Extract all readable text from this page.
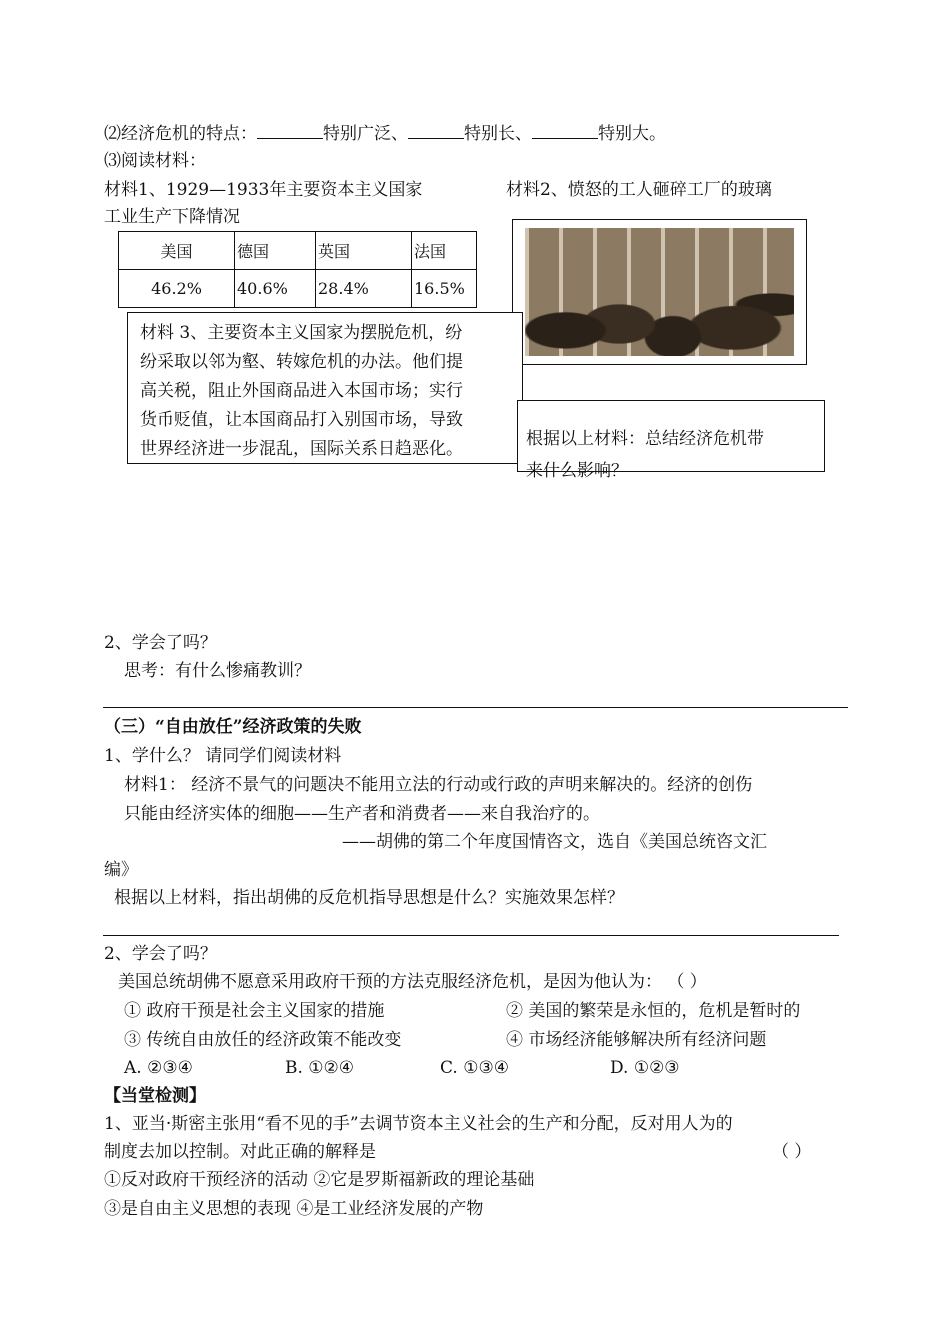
⑵经济危机的特点：	特别广泛、	特别长、	特别大。
⑶阅读材料：
材料1、1929—1933年主要资本主义国家
工业生产下降情况
材料2、愤怒的工人砸碎工厂的玻璃
美国	德国	英国	法国
46.2%	40.6%	28.4%	16.5%
材料 3、主要资本主义国家为摆脱危机，纷
纷采取以邻为壑、转嫁危机的办法。他们提
高关税，阻止外国商品进入本国市场；实行
货币贬值，让本国商品打入别国市场，导致
世界经济进一步混乱，国际关系日趋恶化。	根据以上材料：总结经济危机带
来什么影响？
2、学会了吗？
思考：有什么惨痛教训？
（三）“自由放任”经济政策的失败
1、学什么？ 请同学们阅读材料
材料1： 经济不景气的问题决不能用立法的行动或行政的声明来解决的。经济的创伤
只能由经济实体的细胞——生产者和消费者——来自我治疗的。
——胡佛的第二个年度国情咨文，选自《美国总统咨文汇
编》
根据以上材料，指出胡佛的反危机指导思想是什么？实施效果怎样？
2、学会了吗？
美国总统胡佛不愿意采用政府干预的方法克服经济危机，是因为他认为： （ ）
① 政府干预是社会主义国家的措施	② 美国的繁荣是永恒的，危机是暂时的
③ 传统自由放任的经济政策不能改变	④ 市场经济能够解决所有经济问题
A. ②③④	B. ①②④	C. ①③④	D. ①②③
【当堂检测】
1、亚当·斯密主张用“看不见的手”去调节资本主义社会的生产和分配，反对用人为的
制度去加以控制。对此正确的解释是	（ ）
①反对政府干预经济的活动 ②它是罗斯福新政的理论基础
③是自由主义思想的表现 ④是工业经济发展的产物
